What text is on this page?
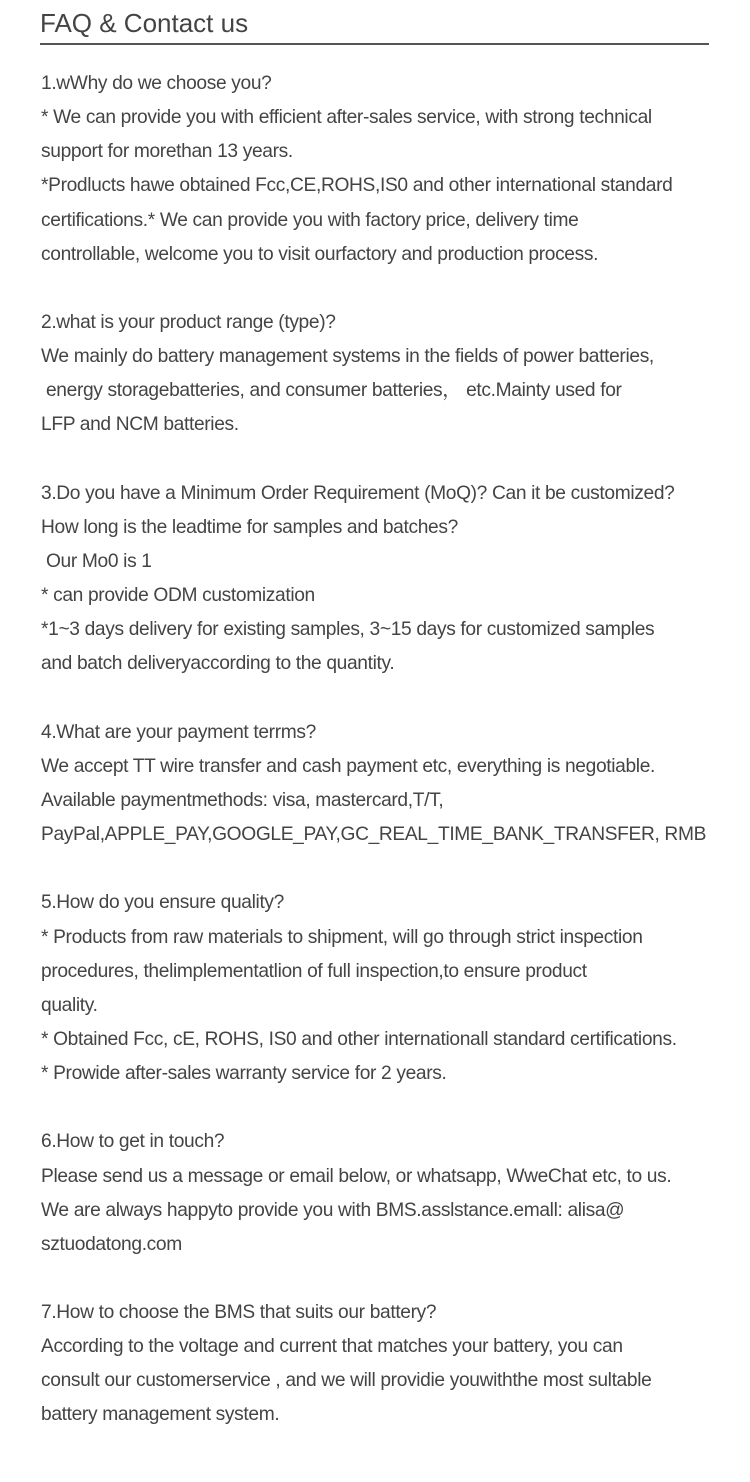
FAQ & Contact us
1.wWhy do we choose you?
* We can provide you with efficient after-sales service, with strong technical
support for morethan 13 years.
*Prodlucts hawe obtained Fcc,CE,ROHS,IS0 and other international standard
certifications.* We can provide you with factory price, delivery time
controllable, welcome you to visit ourfactory and production process.
2.what is your product range (type)?
We mainly do battery management systems in the fields of power batteries,
energy storagebatteries, and consumer batteries， etc.Mainty used for
LFP and NCM batteries.
3.Do you have a Minimum Order Requirement (MoQ)? Can it be customized?
How long is the leadtime for samples and batches?
Our Mo0 is 1
* can provide ODM customization
*1~3 days delivery for existing samples, 3~15 days for customized samples
and batch deliveryaccording to the quantity.
4.What are your payment terrms?
We accept TT wire transfer and cash payment etc, everything is negotiable.
Available paymentmethods: visa, mastercard,T/T,
PayPal,APPLE_PAY,GOOGLE_PAY,GC_REAL_TIME_BANK_TRANSFER, RMB
5.How do you ensure quality?
* Products from raw materials to shipment, will go through strict inspection
procedures, thelimplementatlion of full inspection,to ensure product
quality.
* Obtained Fcc, cE, ROHS, IS0 and other internationall standard certifications.
* Prowide after-sales warranty service for 2 years.
6.How to get in touch?
Please send us a message or email below, or whatsapp, WweChat etc, to us.
We are always happyto provide you with BMS.asslstance.emall: alisa@
sztuodatong.com
7.How to choose the BMS that suits our battery?
According to the voltage and current that matches your battery, you can
consult our customerservice , and we will providie youwiththe most sultable
battery management system.
